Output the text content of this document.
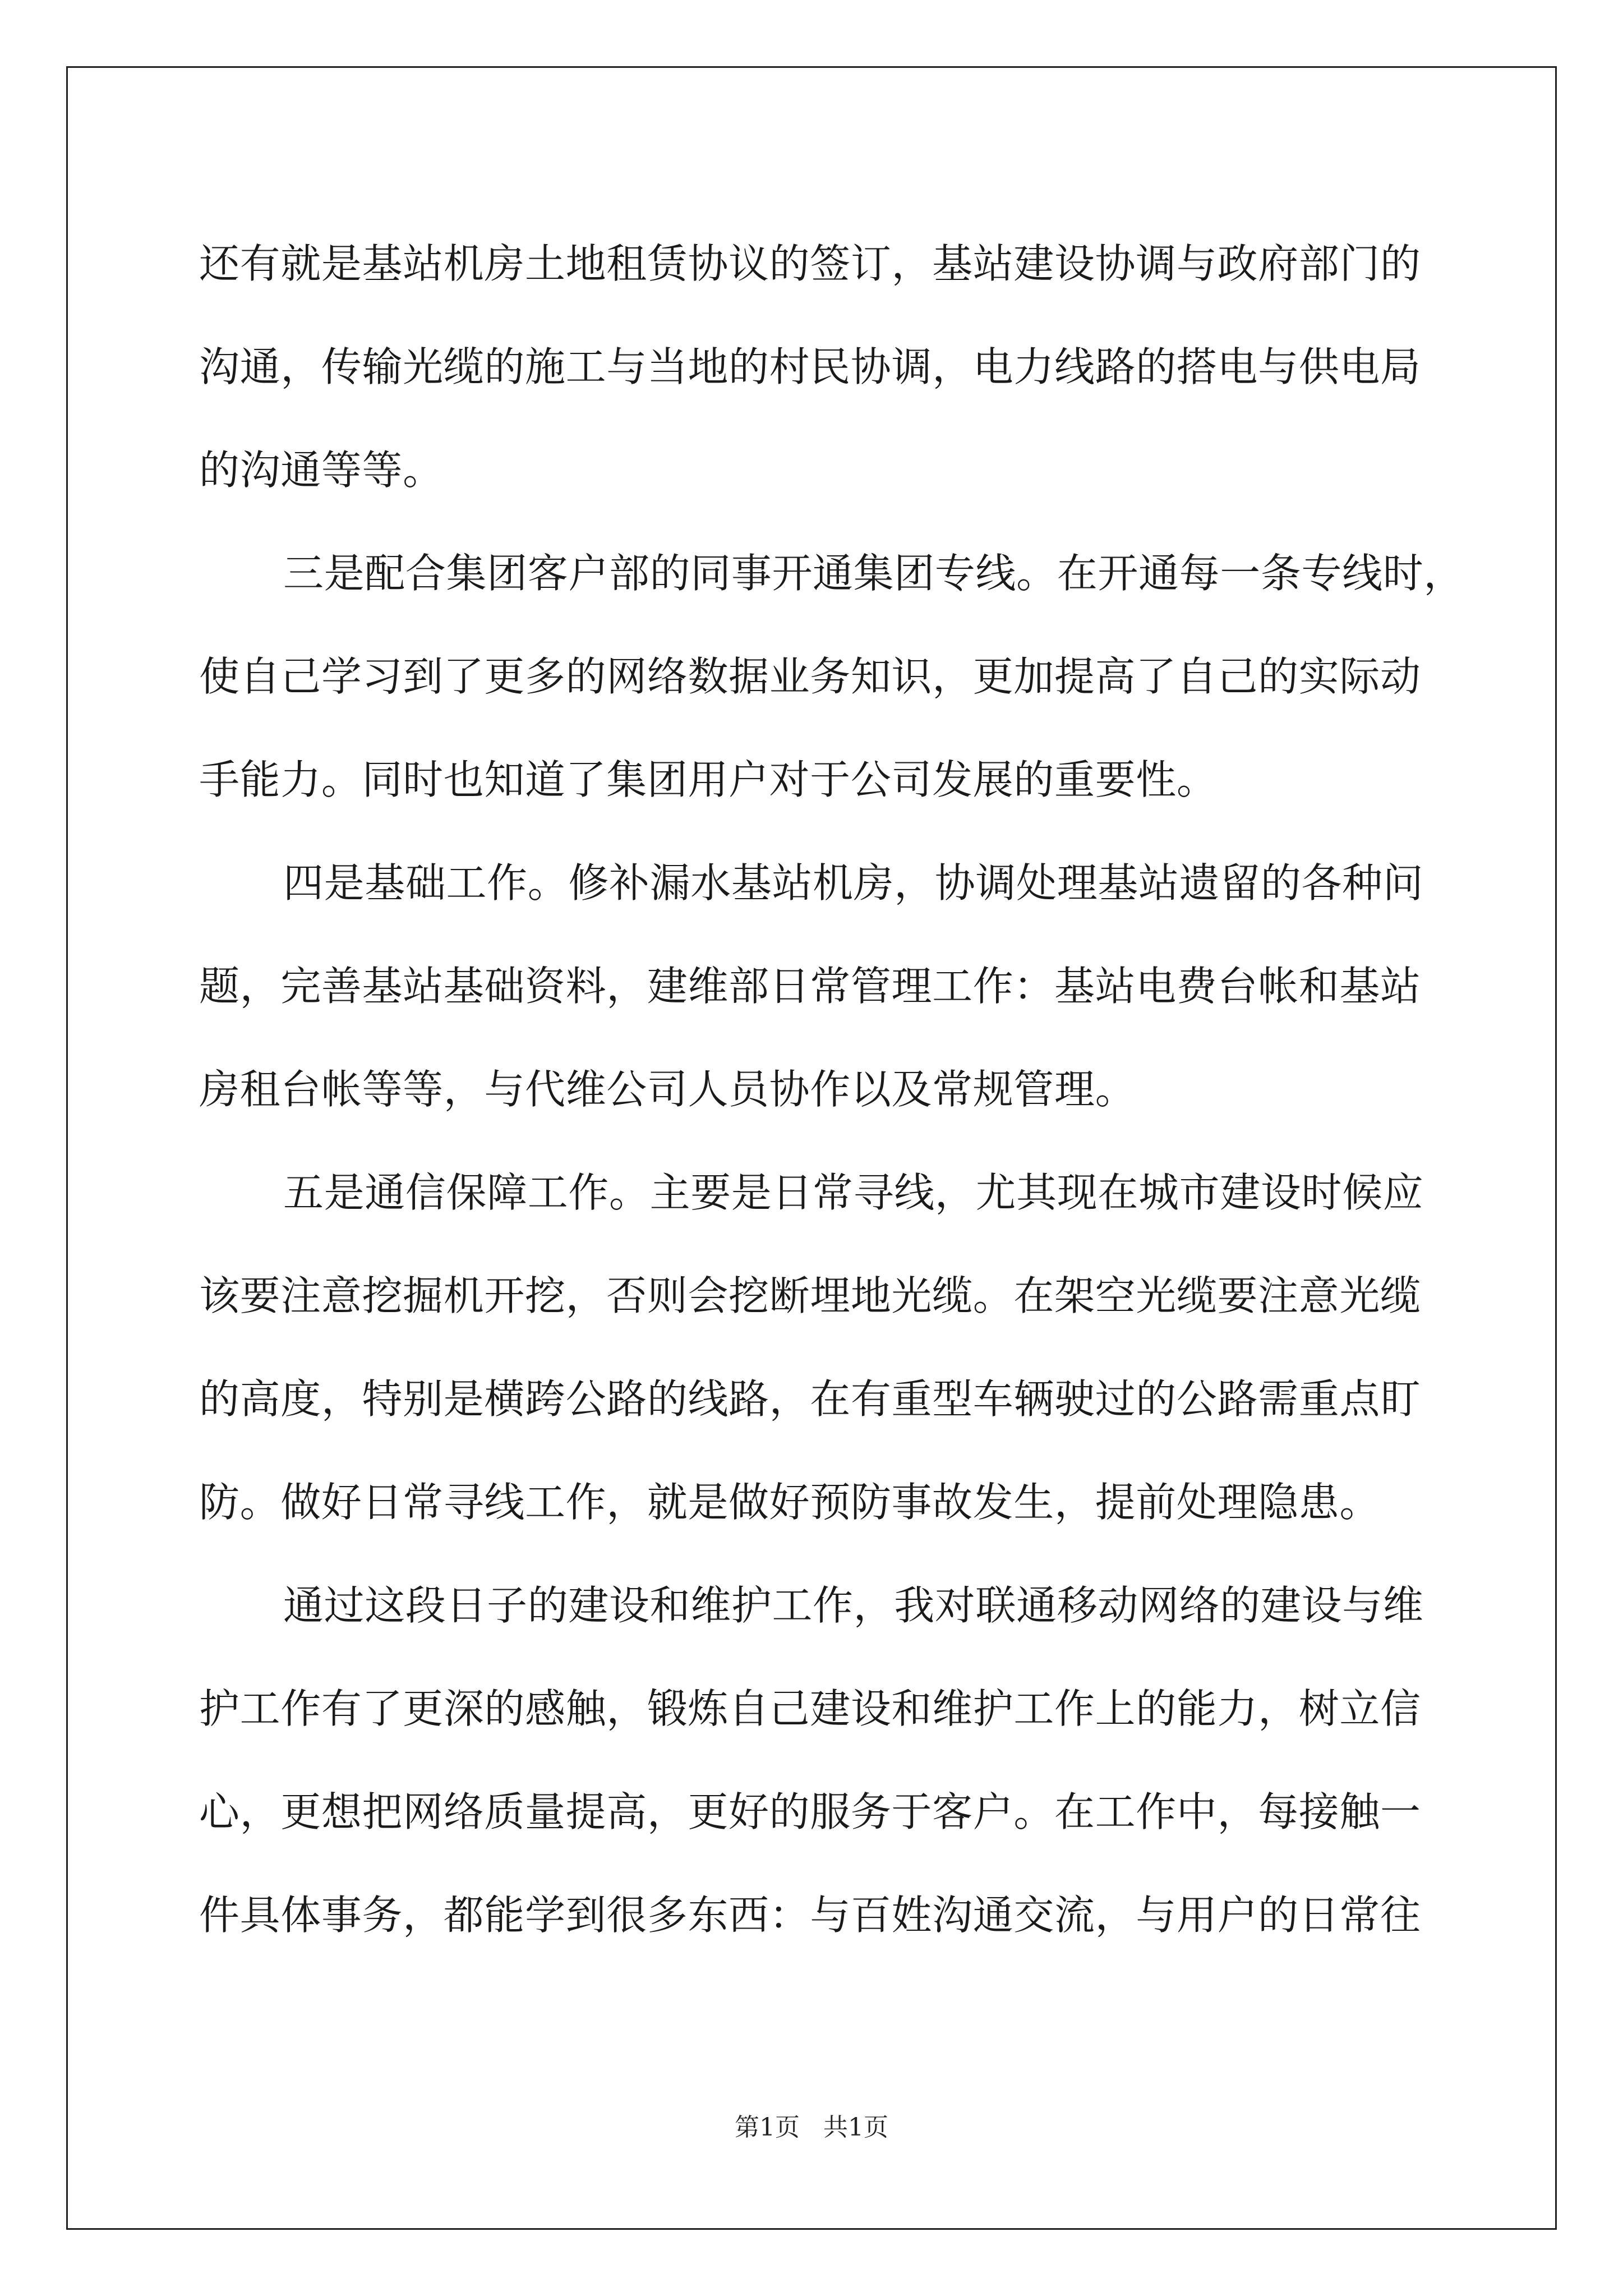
还有就是基站机房土地租赁协议的签订，基站建设协调与政府部门的
沟通，传输光缆的施工与当地的村民协调，电力线路的搭电与供电局
的沟通等等。
三是配合集团客户部的同事开通集团专线。在开通每一条专线时，
使自己学习到了更多的网络数据业务知识，更加提高了自己的实际动
手能力。同时也知道了集团用户对于公司发展的重要性。
四是基础工作。修补漏水基站机房，协调处理基站遗留的各种问
题，完善基站基础资料，建维部日常管理工作：基站电费台帐和基站
房租台帐等等，与代维公司人员协作以及常规管理。
五是通信保障工作。主要是日常寻线，尤其现在城市建设时候应
该要注意挖掘机开挖，否则会挖断埋地光缆。在架空光缆要注意光缆
的高度，特别是横跨公路的线路，在有重型车辆驶过的公路需重点盯
防。做好日常寻线工作，就是做好预防事故发生，提前处理隐患。
通过这段日子的建设和维护工作，我对联通移动网络的建设与维
护工作有了更深的感触，锻炼自己建设和维护工作上的能力，树立信
心，更想把网络质量提高，更好的服务于客户。在工作中，每接触一
件具体事务，都能学到很多东西：与百姓沟通交流，与用户的日常往
第1页   共1页
